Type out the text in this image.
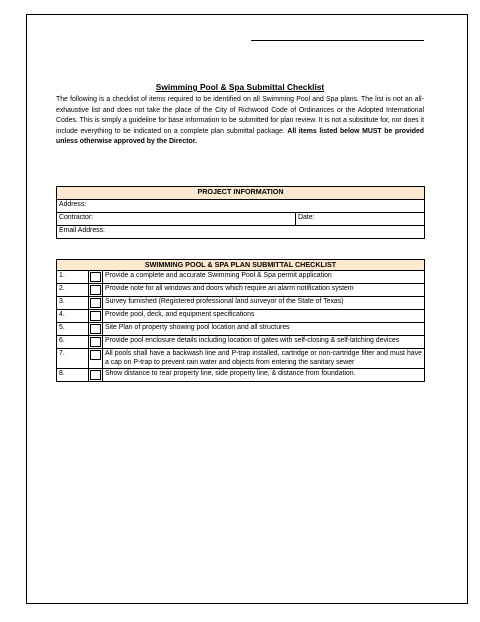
Swimming Pool & Spa Submittal Checklist

The following is a checklist of items required to be identified on all Swimming Pool and Spa plans. The list is not an all-exhaustive list and does not take the place of the City of Richwood Code of Ordinances or the Adopted International Codes. This is simply a guideline for base information to be submitted for plan review. It is not a substitute for, nor does it include everything to be indicated on a complete plan submittal package. All items listed below MUST be provided unless otherwise approved by the Director.

PROJECT INFORMATION
Address:
Contractor:	Date:
Email Address:
SWIMMING POOL & SPA PLAN SUBMITTAL CHECKLIST		
1.		Provide a complete and accurate Swimming Pool & Spa permit application
2.		Provide note for all windows and doors which require an alarm notification system
3.		Survey furnished (Registered professional land surveyor of the State of Texas)
4.		Provide pool, deck, and equipment specifications
5.		Site Plan of property showing pool location and all structures
6.		Provide pool enclosure details including location of gates with self-closing & self-latching devices
7.		All pools shall have a backwash line and P-trap installed, cartridge or non-cartridge filter and must have a cap on P-trap to prevent rain water and objects from entering the sanitary sewer
8.		Show distance to rear property line, side property line, & distance from foundation.
